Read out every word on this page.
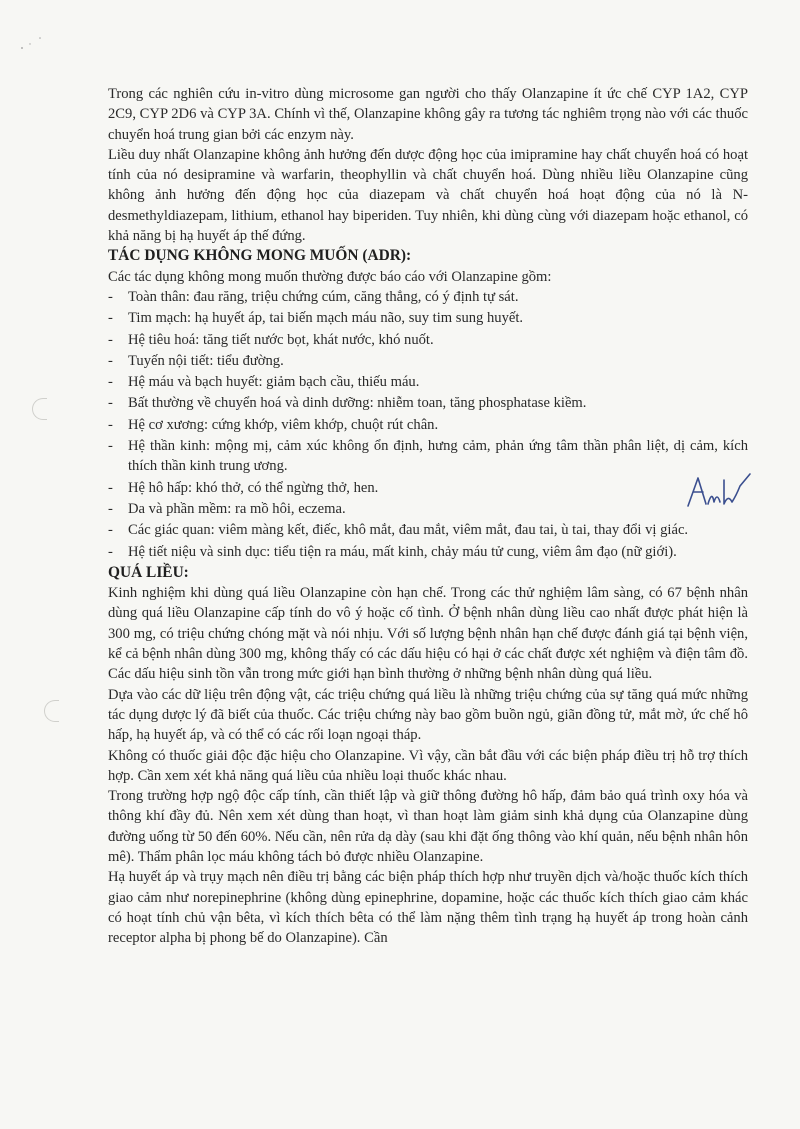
Trong các nghiên cứu in-vitro dùng microsome gan người cho thấy Olanzapine ít ức chế CYP 1A2, CYP 2C9, CYP 2D6 và CYP 3A. Chính vì thế, Olanzapine không gây ra tương tác nghiêm trọng nào với các thuốc chuyển hoá trung gian bởi các enzym này.

Liều duy nhất Olanzapine không ảnh hưởng đến dược động học của imipramine hay chất chuyển hoá có hoạt tính của nó desipramine và warfarin, theophyllin và chất chuyển hoá. Dùng nhiều liều Olanzapine cũng không ảnh hưởng đến động học của diazepam và chất chuyển hoá hoạt động của nó là N-desmethyldiazepam, lithium, ethanol hay biperiden. Tuy nhiên, khi dùng cùng với diazepam hoặc ethanol, có khả năng bị hạ huyết áp thế đứng.

TÁC DỤNG KHÔNG MONG MUỐN (ADR):

Các tác dụng không mong muốn thường được báo cáo với Olanzapine gồm:

- Toàn thân: đau răng, triệu chứng cúm, căng thẳng, có ý định tự sát.
- Tim mạch: hạ huyết áp, tai biến mạch máu não, suy tim sung huyết.
- Hệ tiêu hoá: tăng tiết nước bọt, khát nước, khó nuốt.
- Tuyến nội tiết: tiểu đường.
- Hệ máu và bạch huyết: giảm bạch cầu, thiếu máu.
- Bất thường về chuyển hoá và dinh dưỡng: nhiễm toan, tăng phosphatase kiềm.
- Hệ cơ xương: cứng khớp, viêm khớp, chuột rút chân.
- Hệ thần kinh: mộng mị, cảm xúc không ổn định, hưng cảm, phản ứng tâm thần phân liệt, dị cảm, kích thích thần kinh trung ương.
- Hệ hô hấp: khó thở, có thể ngừng thở, hen.
- Da và phần mềm: ra mồ hôi, eczema.
- Các giác quan: viêm màng kết, điếc, khô mắt, đau mắt, viêm mắt, đau tai, ù tai, thay đổi vị giác.
- Hệ tiết niệu và sinh dục: tiểu tiện ra máu, mất kinh, chảy máu tử cung, viêm âm đạo (nữ giới).

QUÁ LIỀU:

Kinh nghiệm khi dùng quá liều Olanzapine còn hạn chế. Trong các thử nghiệm lâm sàng, có 67 bệnh nhân dùng quá liều Olanzapine cấp tính do vô ý hoặc cố tình. Ở bệnh nhân dùng liều cao nhất được phát hiện là 300 mg, có triệu chứng chóng mặt và nói nhịu. Với số lượng bệnh nhân hạn chế được đánh giá tại bệnh viện, kể cả bệnh nhân dùng 300 mg, không thấy có các dấu hiệu có hại ở các chất được xét nghiệm và điện tâm đồ. Các dấu hiệu sinh tồn vẫn trong mức giới hạn bình thường ở những bệnh nhân dùng quá liều.

Dựa vào các dữ liệu trên động vật, các triệu chứng quá liều là những triệu chứng của sự tăng quá mức những tác dụng dược lý đã biết của thuốc. Các triệu chứng này bao gồm buồn ngủ, giãn đồng tử, mắt mờ, ức chế hô hấp, hạ huyết áp, và có thể có các rối loạn ngoại tháp.

Không có thuốc giải độc đặc hiệu cho Olanzapine. Vì vậy, cần bắt đầu với các biện pháp điều trị hỗ trợ thích hợp. Cần xem xét khả năng quá liều của nhiều loại thuốc khác nhau.

Trong trường hợp ngộ độc cấp tính, cần thiết lập và giữ thông đường hô hấp, đảm bảo quá trình oxy hóa và thông khí đầy đủ. Nên xem xét dùng than hoạt, vì than hoạt làm giảm sinh khả dụng của Olanzapine dùng đường uống từ 50 đến 60%. Nếu cần, nên rửa dạ dày (sau khi đặt ống thông vào khí quản, nếu bệnh nhân hôn mê). Thẩm phân lọc máu không tách bỏ được nhiều Olanzapine.

Hạ huyết áp và trụy mạch nên điều trị bằng các biện pháp thích hợp như truyền dịch và/hoặc thuốc kích thích giao cảm như norepinephrine (không dùng epinephrine, dopamine, hoặc các thuốc kích thích giao cảm khác có hoạt tính chủ vận bêta, vì kích thích bêta có thể làm nặng thêm tình trạng hạ huyết áp trong hoàn cảnh receptor alpha bị phong bế do Olanzapine). Cần
